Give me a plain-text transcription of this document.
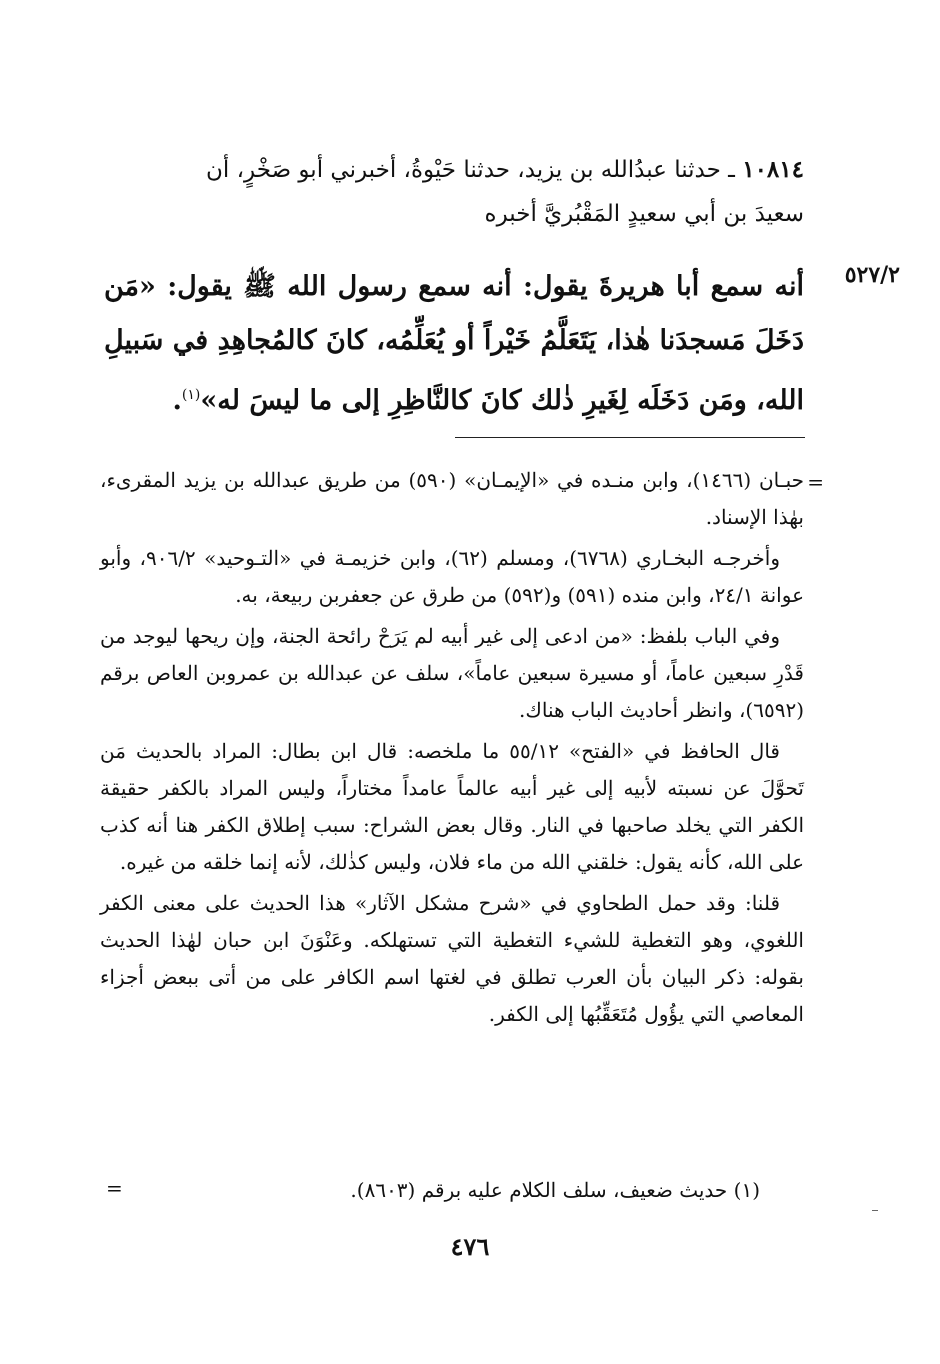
١٠٨١٤ ـ حدثنا عبدُالله بن يزيد، حدثنا حَيْوةُ، أخبرني أبو صَخْرٍ، أن

سعيدَ بن أبي سعيدٍ المَقْبُريَّ أخبره

٥٢٧/٢

أنه سمع أبا هريرةَ يقول: أنه سمع رسول الله ﷺ يقول: «مَن دَخَلَ مَسجدَنا هٰذا، يَتَعَلَّمُ خَيْراً أو يُعَلِّمُه، كانَ كالمُجاهِدِ في سَبيلِ الله، ومَن دَخَلَه لِغَيرِ ذٰلك كانَ كالنَّاظِرِ إلى ما ليسَ له»$^{(١)}$.

=

حبـان (١٤٦٦)، وابن منـده في «الإيمـان» (٥٩٠) من طريق عبدالله بن يزيد المقرىء، بهٰذا الإسناد.

وأخرجـه البخـاري (٦٧٦٨)، ومسلم (٦٢)، وابن خزيمـة في «التـوحيد» ٩٠٦/٢، وأبو عوانة ٢٤/١، وابن منده (٥٩١) و(٥٩٢) من طرق عن جعفربن ربيعة، به.

وفي الباب بلفظ: «من ادعى إلى غير أبيه لم يَرَحْ رائحة الجنة، وإن ريحها ليوجد من قَدْرِ سبعين عاماً، أو مسيرة سبعين عاماً»، سلف عن عبدالله بن عمروبن العاص برقم (٦٥٩٢)، وانظر أحاديث الباب هناك.

قال الحافظ في «الفتح» ٥٥/١٢ ما ملخصه: قال ابن بطال: المراد بالحديث مَن تَحوَّلَ عن نسبته لأبيه إلى غير أبيه عالماً عامداً مختاراً، وليس المراد بالكفر حقيقة الكفر التي يخلد صاحبها في النار. وقال بعض الشراح: سبب إطلاق الكفر هنا أنه كذب على الله، كأنه يقول: خلقني الله من ماء فلان، وليس كذٰلك، لأنه إنما خلقه من غيره.

قلنا: وقد حمل الطحاوي في «شرح مشكل الآثار» هذا الحديث على معنى الكفر اللغوي، وهو التغطية للشيء التغطية التي تستهلكه. وعَنْوَنَ ابن حبان لهٰذا الحديث بقوله: ذكر البيان بأن العرب تطلق في لغتها اسم الكافر على من أتى ببعض أجزاء المعاصي التي يؤُول مُتَعَقِّبُها إلى الكفر.

(١) حديث ضعيف، سلف الكلام عليه برقم (٨٦٠٣).
=
٤٧٦
